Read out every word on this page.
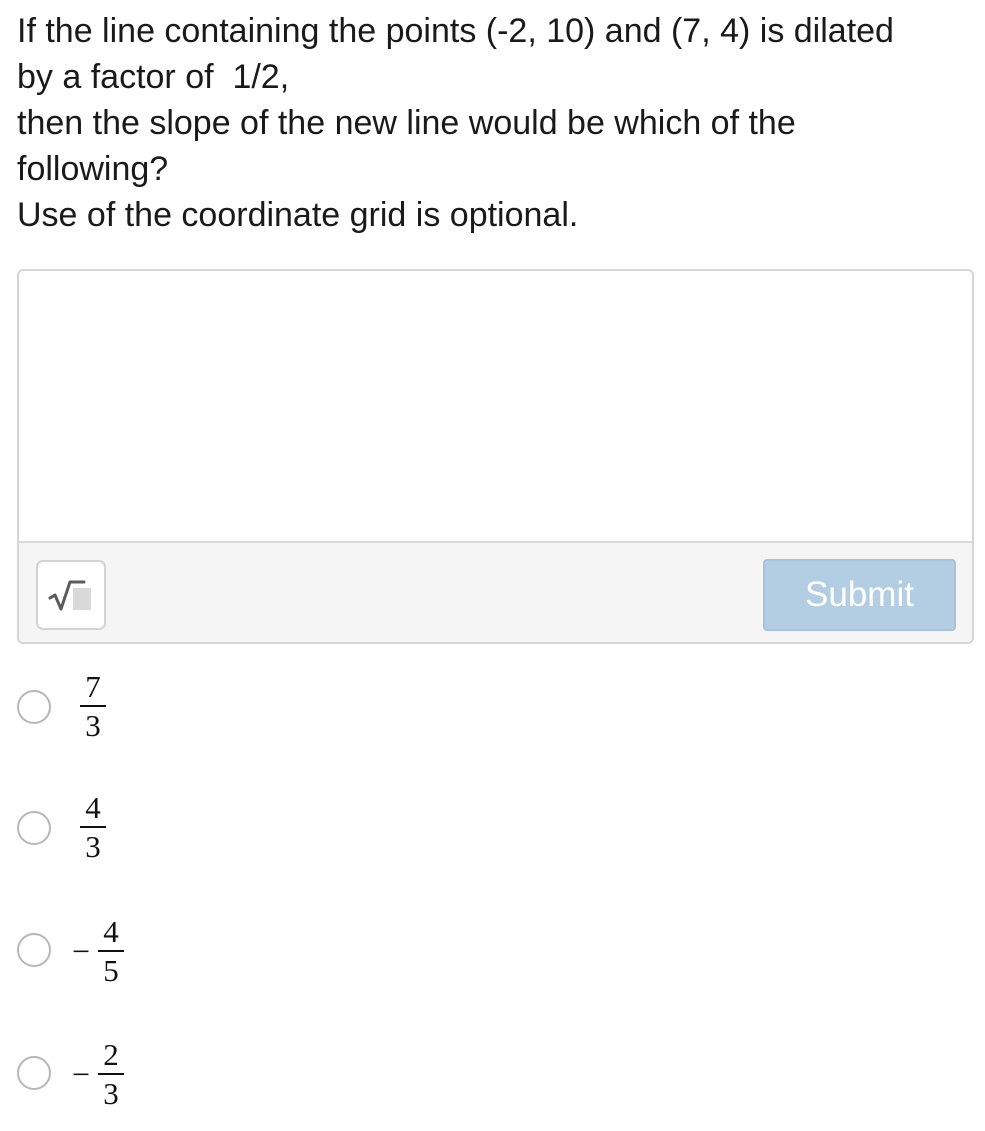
If the line containing the points (-2, 10) and (7, 4) is dilated
by a factor of  1/2,
then the slope of the new line would be which of the
following?
Use of the coordinate grid is optional.
Submit
$\frac{7}{3}$
$\frac{4}{3}$
− $\frac{4}{5}$
− $\frac{2}{3}$
